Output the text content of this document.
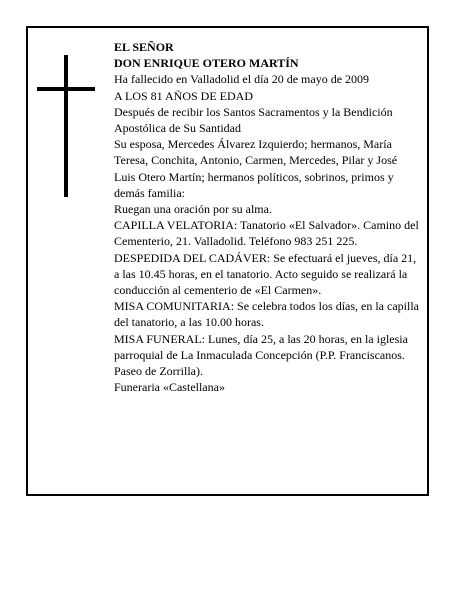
EL SEÑOR

DON ENRIQUE OTERO MARTÍN

Ha fallecido en Valladolid el día 20 de mayo de 2009

A LOS 81 AÑOS DE EDAD

Después de recibir los Santos Sacramentos y la Bendición Apostólica de Su Santidad

Su esposa, Mercedes Álvarez Izquierdo; hermanos, María Teresa, Conchita, Antonio, Carmen, Mercedes, Pilar y José Luis Otero Martín; hermanos políticos, sobrinos, primos y demás familia:

Ruegan una oración por su alma.

CAPILLA VELATORIA: Tanatorio «El Salvador». Camino del Cementerio, 21. Valladolid. Teléfono 983 251 225.

DESPEDIDA DEL CADÁVER: Se efectuará el jueves, día 21, a las 10.45 horas, en el tanatorio. Acto seguido se realizará la conducción al cementerio de «El Carmen».

MISA COMUNITARIA: Se celebra todos los días, en la capilla del tanatorio, a las 10.00 horas.

MISA FUNERAL: Lunes, día 25, a las 20 horas, en la iglesia parroquial de La Inmaculada Concepción (P.P. Franciscanos. Paseo de Zorrilla).

Funeraria «Castellana»
